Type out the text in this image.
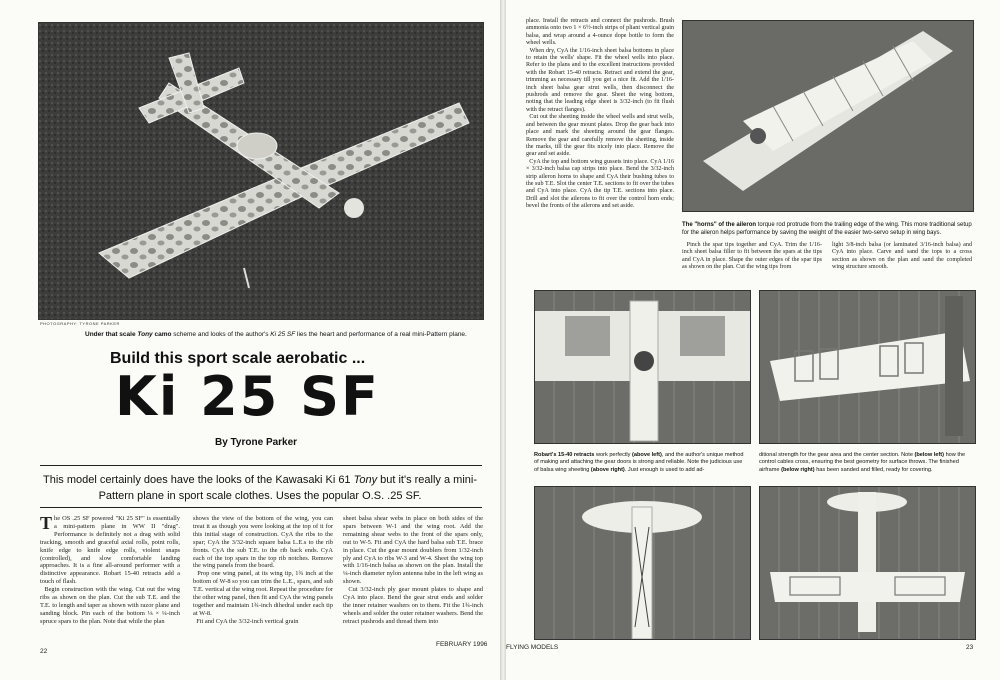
PHOTOGRAPHY: TYRONE PARKER
Under that scale Tony camo scheme and looks of the author's Ki 25 SF lies the heart and performance of a real mini-Pattern plane.
Build this sport scale aerobatic ...
Ki 25 SF
By Tyrone Parker
This model certainly does have the looks of the Kawasaki Ki 61 Tony but it's really a mini-Pattern plane in sport scale clothes. Uses the popular O.S. .25 SF.
The OS .25 SF powered "Ki 25 SF" is essentially a mini-pattern plane in WW II "drag". Performance is definitely not a drag with solid tracking, smooth and graceful axial rolls, point rolls, knife edge to knife edge rolls, violent snaps (controlled), and slow comfortable landing approaches. It is a fine all-around performer with a distinctive appearance. Robart 15-40 retracts add a touch of flash.
Begin construction with the wing. Cut out the wing ribs as shown on the plan. Cut the sub T.E. and the T.E. to length and taper as shown with razor plane and sanding block. Pin each of the bottom ⅛ × ¼-inch spruce spars to the plan. Note that while the plan
shows the view of the bottom of the wing, you can treat it as though you were looking at the top of it for this initial stage of construction. CyA the ribs to the spar; CyA the 3/32-inch square balsa L.E.s to the rib fronts. CyA the sub T.E. to the rib back ends. CyA each of the top spars in the top rib notches. Remove the wing panels from the board.
Prop one wing panel, at its wing tip, 1¾ inch at the bottom of W-8 so you can trim the L.E., spars, and sub T.E. vertical at the wing root. Repeat the procedure for the other wing panel, then fit and CyA the wing panels together and maintain 1¾-inch dihedral under each tip at W-8.
Fit and CyA the 3/32-inch vertical grain
sheet balsa shear webs in place on both sides of the spars between W-1 and the wing root. Add the remaining shear webs to the front of the spars only, out to W-5. Fit and CyA the hard balsa sub T.E. brace in place. Cut the gear mount doublers from 1/32-inch ply and CyA to ribs W-3 and W-4. Sheet the wing top with 1/16-inch balsa as shown on the plan. Install the ¼-inch diameter nylon antenna tube in the left wing as shown.
Cut 3/32-inch ply gear mount plates to shape and CyA into place. Bend the gear strut ends and solder the inner retainer washers on to them. Fit the 1¾-inch wheels and solder the outer retainer washers. Bend the retract pushrods and thread them into
22
FEBRUARY 1996
place. Install the retracts and connect the pushrods. Brush ammonia onto two 1 × 6½-inch strips of pliant vertical grain balsa, and wrap around a 4-ounce dope bottle to form the wheel wells.
When dry, CyA the 1/16-inch sheet balsa bottoms in place to retain the wells' shape. Fit the wheel wells into place. Refer to the plans and to the excellent instructions provided with the Robart 15-40 retracts. Retract and extend the gear, trimming as necessary till you get a nice fit. Add the 1/16-inch sheet balsa gear strut wells, then disconnect the pushrods and remove the gear. Sheet the wing bottom, noting that the leading edge sheet is 3/32-inch (to fit flush with the retract flanges).
Cut out the sheeting inside the wheel wells and strut wells, and between the gear mount plates. Drop the gear back into place and mark the sheeting around the gear flanges. Remove the gear and carefully remove the sheeting, inside the marks, till the gear fits nicely into place. Remove the gear and set aside.
CyA the top and bottom wing gussets into place. CyA 1/16 × 3/32-inch balsa cap strips into place. Bend the 3/32-inch strip aileron horns to shape and CyA their bushing tubes to the sub T.E. Slot the center T.E. sections to fit over the tubes and CyA into place. CyA the tip T.E. sections into place. Drill and slot the ailerons to fit over the control horn ends; bevel the fronts of the ailerons and set aside.
The "horns" of the aileron torque rod protrude from the trailing edge of the wing. This more traditional setup for the aileron helps performance by saving the weight of the easier two-servo setup in wing bays.
Pinch the spar tips together and CyA. Trim the 1/16-inch sheet balsa filler to fit between the spars at the tips and CyA in place. Shape the outer edges of the spar tips as shown on the plan. Cut the wing tips from
light 3/8-inch balsa (or laminated 3/16-inch balsa) and CyA into place. Carve and sand the tops to a cross section as shown on the plan and sand the completed wing structure smooth.
Robart's 15-40 retracts work perfectly (above left), and the author's unique method of making and attaching the gear doors is strong and reliable. Note the judicious use of balsa wing sheeting (above right). Just enough is used to add ad-
ditional strength for the gear area and the center section. Note (below left) how the control cables cross, ensuring the best geometry for surface throws. The finished airframe (below right) has been sanded and filled, ready for covering.
FLYING MODELS	23
